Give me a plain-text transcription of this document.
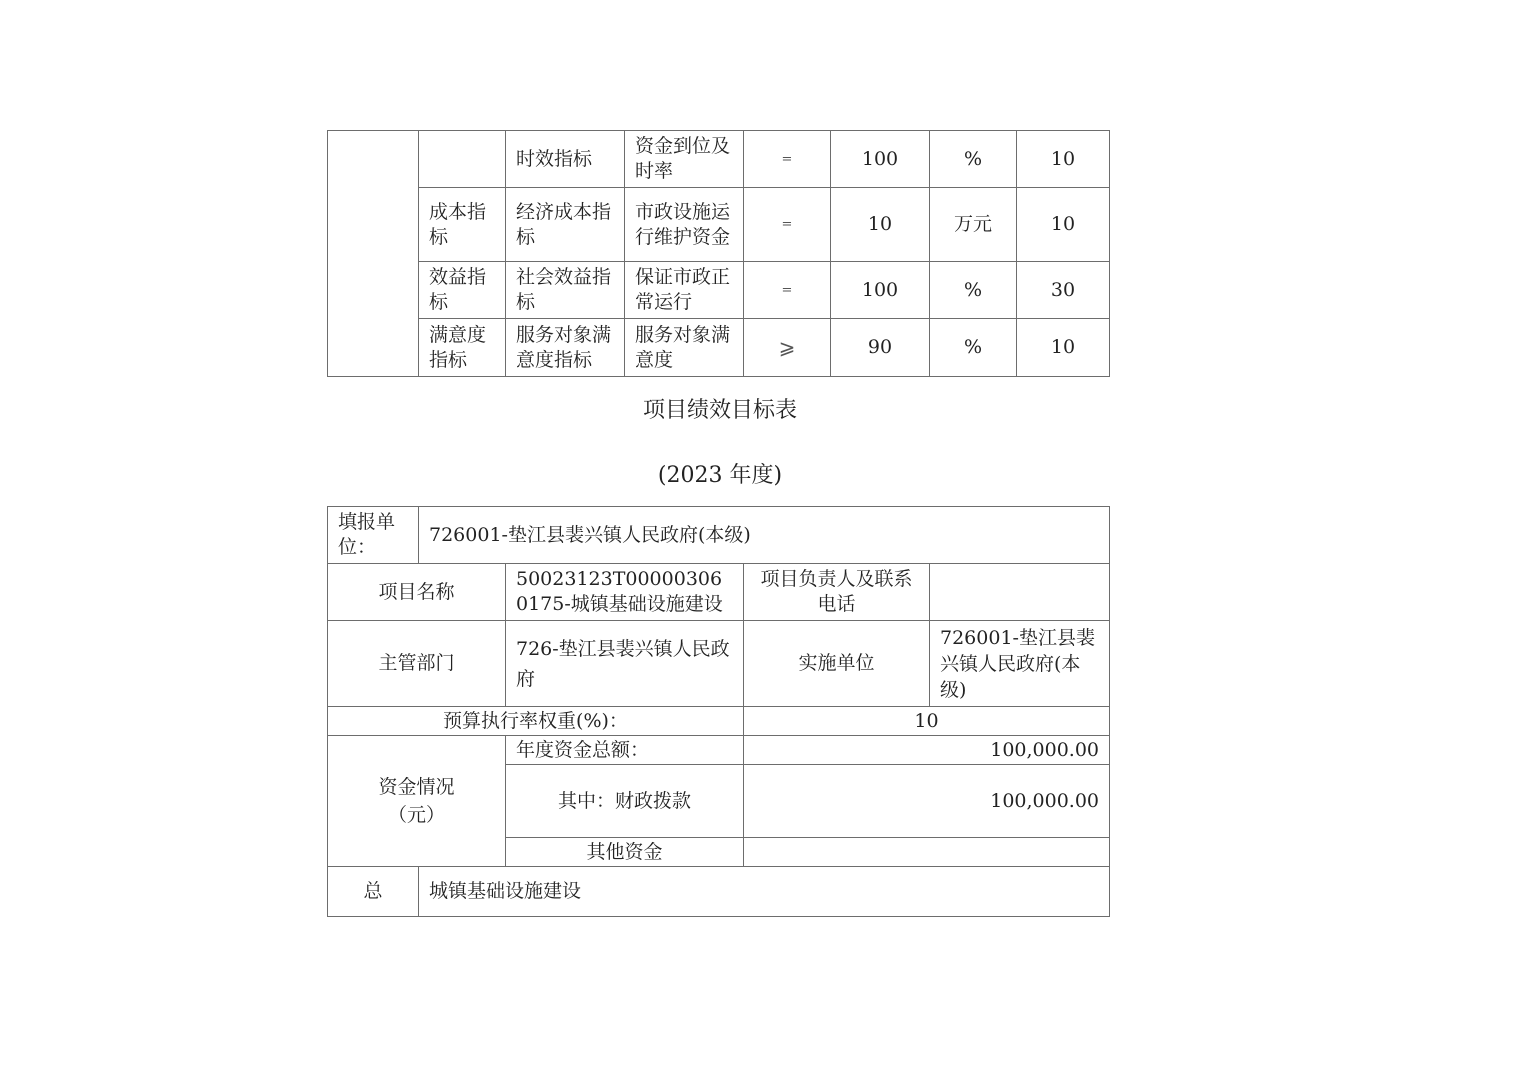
		时效指标	资金到位及时率	=	100	%	10
	成本指标	经济成本指标	市政设施运行维护资金	=	10	万元	10
	效益指标	社会效益指标	保证市政正常运行	=	100	%	30
	满意度指标	服务对象满意度指标	服务对象满意度	⩾	90	%	10
项目绩效目标表
(2023 年度)
填报单位：	726001-垫江县裴兴镇人民政府(本级)			
项目名称		50023123T000003060175-城镇基础设施建设	项目负责人及联系电话	
主管部门		726-垫江县裴兴镇人民政府	实施单位	726001-垫江县裴兴镇人民政府(本级)
预算执行率权重(%)：			10	
资金情况（元）		年度资金总额：	100,000.00	
		其中：财政拨款	100,000.00	
		其他资金		
总	城镇基础设施建设			
